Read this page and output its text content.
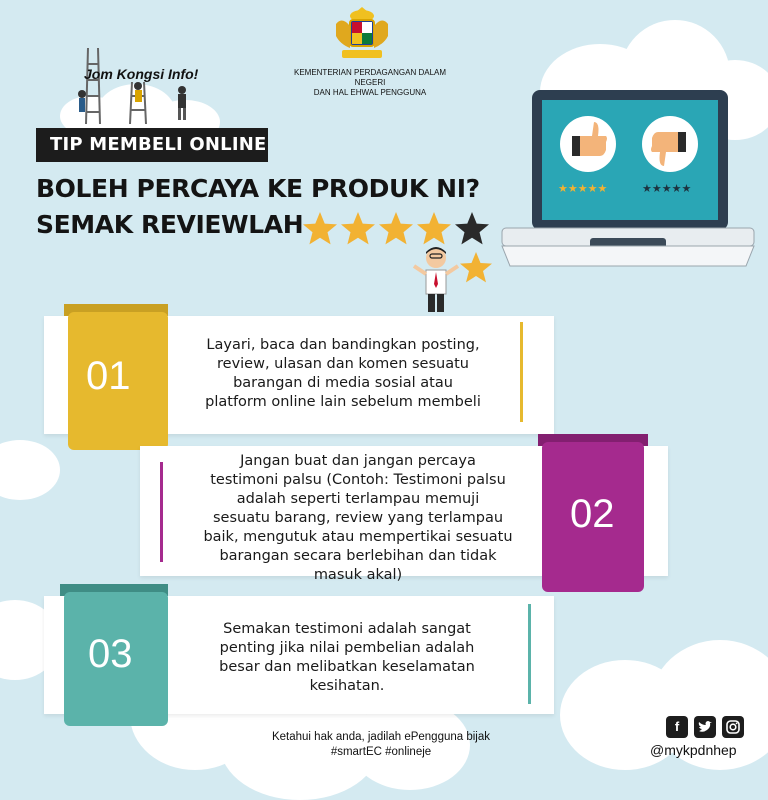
KEMENTERIAN PERDAGANGAN DALAM NEGERI
DAN HAL EHWAL PENGGUNA
Jom Kongsi Info!
TIP MEMBELI ONLINE
BOLEH PERCAYA KE PRODUK NI?
SEMAK REVIEWLAH
★★★★★	★★★★★
01
Layari, baca dan bandingkan posting,
review, ulasan dan komen sesuatu
barangan di media sosial atau
platform online lain sebelum membeli
02
Jangan buat dan jangan percaya
testimoni palsu (Contoh: Testimoni palsu
adalah seperti terlampau memuji
sesuatu barang, review yang terlampau
baik, mengutuk atau mempertikai sesuatu
barangan secara berlebihan dan tidak
masuk akal)
03
Semakan testimoni adalah sangat
penting jika nilai pembelian adalah
besar dan melibatkan keselamatan
kesihatan.
Ketahui hak anda, jadilah ePengguna bijak
#smartEC #onlineje
f
@mykpdnhep
